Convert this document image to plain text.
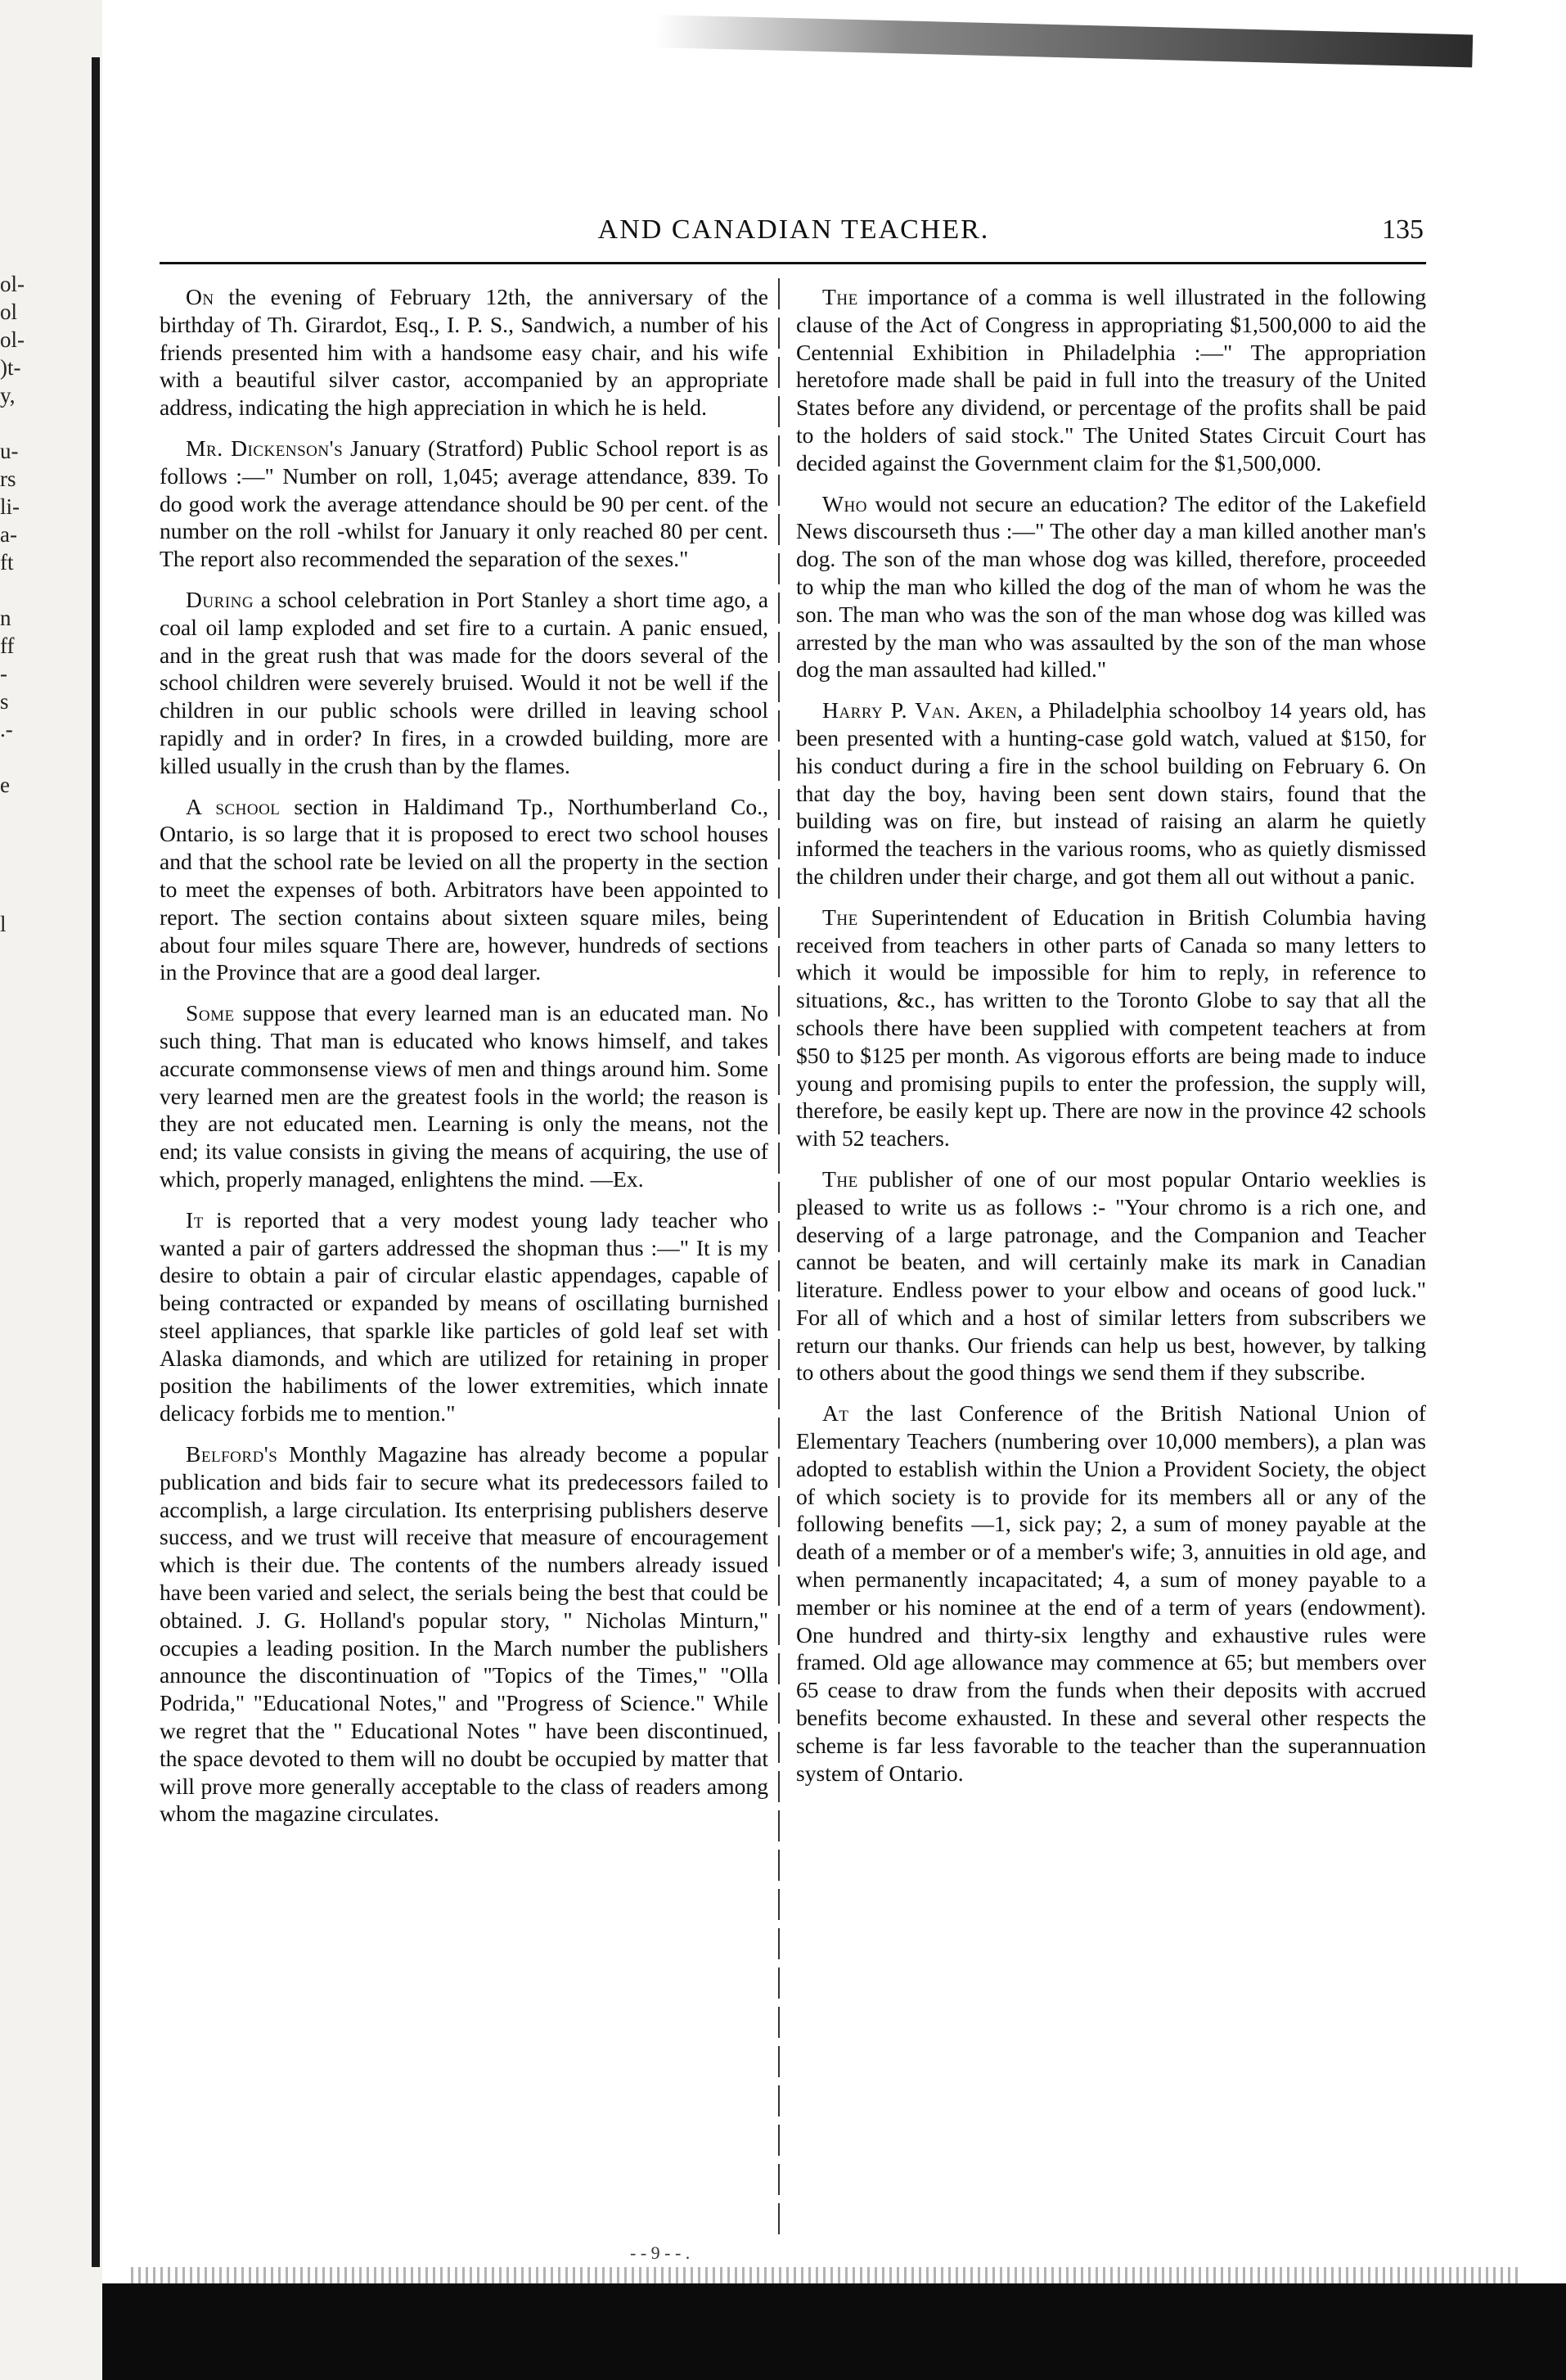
ol-
ol
ol-
)t-
y,

u-
rs
li-
a-
ft

n
ff
-
s
.-

e

l
AND CANADIAN TEACHER.	135

On the evening of February 12th, the anniversary of the birthday of Th. Girardot, Esq., I. P. S., Sandwich, a number of his friends presented him with a handsome easy chair, and his wife with a beautiful silver castor, accompanied by an appropriate address, indicating the high appreciation in which he is held.

Mr. Dickenson's January (Stratford) Public School report is as follows :—" Number on roll, 1,045; average attendance, 839. To do good work the average attendance should be 90 per cent. of the number on the roll -whilst for January it only reached 80 per cent. The report also recommended the separation of the sexes."

During a school celebration in Port Stanley a short time ago, a coal oil lamp exploded and set fire to a curtain. A panic ensued, and in the great rush that was made for the doors several of the school children were severely bruised. Would it not be well if the children in our public schools were drilled in leaving school rapidly and in order? In fires, in a crowded building, more are killed usually in the crush than by the flames.

A school section in Haldimand Tp., Northumberland Co., Ontario, is so large that it is proposed to erect two school houses and that the school rate be levied on all the property in the section to meet the expenses of both. Arbitrators have been appointed to report. The section contains about sixteen square miles, being about four miles square There are, however, hundreds of sections in the Province that are a good deal larger.

Some suppose that every learned man is an educated man. No such thing. That man is educated who knows himself, and takes accurate commonsense views of men and things around him. Some very learned men are the greatest fools in the world; the reason is they are not educated men. Learning is only the means, not the end; its value consists in giving the means of acquiring, the use of which, properly managed, enlightens the mind. —Ex.

It is reported that a very modest young lady teacher who wanted a pair of garters addressed the shopman thus :—" It is my desire to obtain a pair of circular elastic appendages, capable of being contracted or expanded by means of oscillating burnished steel appliances, that sparkle like particles of gold leaf set with Alaska diamonds, and which are utilized for retaining in proper position the habiliments of the lower extremities, which innate delicacy forbids me to mention."

Belford's Monthly Magazine has already become a popular publication and bids fair to secure what its predecessors failed to accomplish, a large circulation. Its enterprising publishers deserve success, and we trust will receive that measure of encouragement which is their due. The contents of the numbers already issued have been varied and select, the serials being the best that could be obtained. J. G. Holland's popular story, " Nicholas Minturn," occupies a leading position. In the March number the publishers announce the discontinuation of "Topics of the Times," "Olla Podrida," "Educational Notes," and "Progress of Science." While we regret that the " Educational Notes " have been discontinued, the space devoted to them will no doubt be occupied by matter that will prove more generally acceptable to the class of readers among whom the magazine circulates.

The importance of a comma is well illustrated in the following clause of the Act of Congress in appropriating $1,500,000 to aid the Centennial Exhibition in Philadelphia :—" The appropriation heretofore made shall be paid in full into the treasury of the United States before any dividend, or percentage of the profits shall be paid to the holders of said stock." The United States Circuit Court has decided against the Government claim for the $1,500,000.

Who would not secure an education? The editor of the Lakefield News discourseth thus :—" The other day a man killed another man's dog. The son of the man whose dog was killed, therefore, proceeded to whip the man who killed the dog of the man of whom he was the son. The man who was the son of the man whose dog was killed was arrested by the man who was assaulted by the son of the man whose dog the man assaulted had killed."

Harry P. Van. Aken, a Philadelphia schoolboy 14 years old, has been presented with a hunting-case gold watch, valued at $150, for his conduct during a fire in the school building on February 6. On that day the boy, having been sent down stairs, found that the building was on fire, but instead of raising an alarm he quietly informed the teachers in the various rooms, who as quietly dismissed the children under their charge, and got them all out without a panic.

The Superintendent of Education in British Columbia having received from teachers in other parts of Canada so many letters to which it would be impossible for him to reply, in reference to situations, &c., has written to the Toronto Globe to say that all the schools there have been supplied with competent teachers at from $50 to $125 per month. As vigorous efforts are being made to induce young and promising pupils to enter the profession, the supply will, therefore, be easily kept up. There are now in the province 42 schools with 52 teachers.

The publisher of one of our most popular Ontario weeklies is pleased to write us as follows :- "Your chromo is a rich one, and deserving of a large patronage, and the Companion and Teacher cannot be beaten, and will certainly make its mark in Canadian literature. Endless power to your elbow and oceans of good luck." For all of which and a host of similar letters from subscribers we return our thanks. Our friends can help us best, however, by talking to others about the good things we send them if they subscribe.

At the last Conference of the British National Union of Elementary Teachers (numbering over 10,000 members), a plan was adopted to establish within the Union a Provident Society, the object of which society is to provide for its members all or any of the following benefits —1, sick pay; 2, a sum of money payable at the death of a member or of a member's wife; 3, annuities in old age, and when permanently incapacitated; 4, a sum of money payable to a member or his nominee at the end of a term of years (endowment). One hundred and thirty-six lengthy and exhaustive rules were framed. Old age allowance may commence at 65; but members over 65 cease to draw from the funds when their deposits with accrued benefits become exhausted. In these and several other respects the scheme is far less favorable to the teacher than the superannuation system of Ontario.

- - 9 - - .
